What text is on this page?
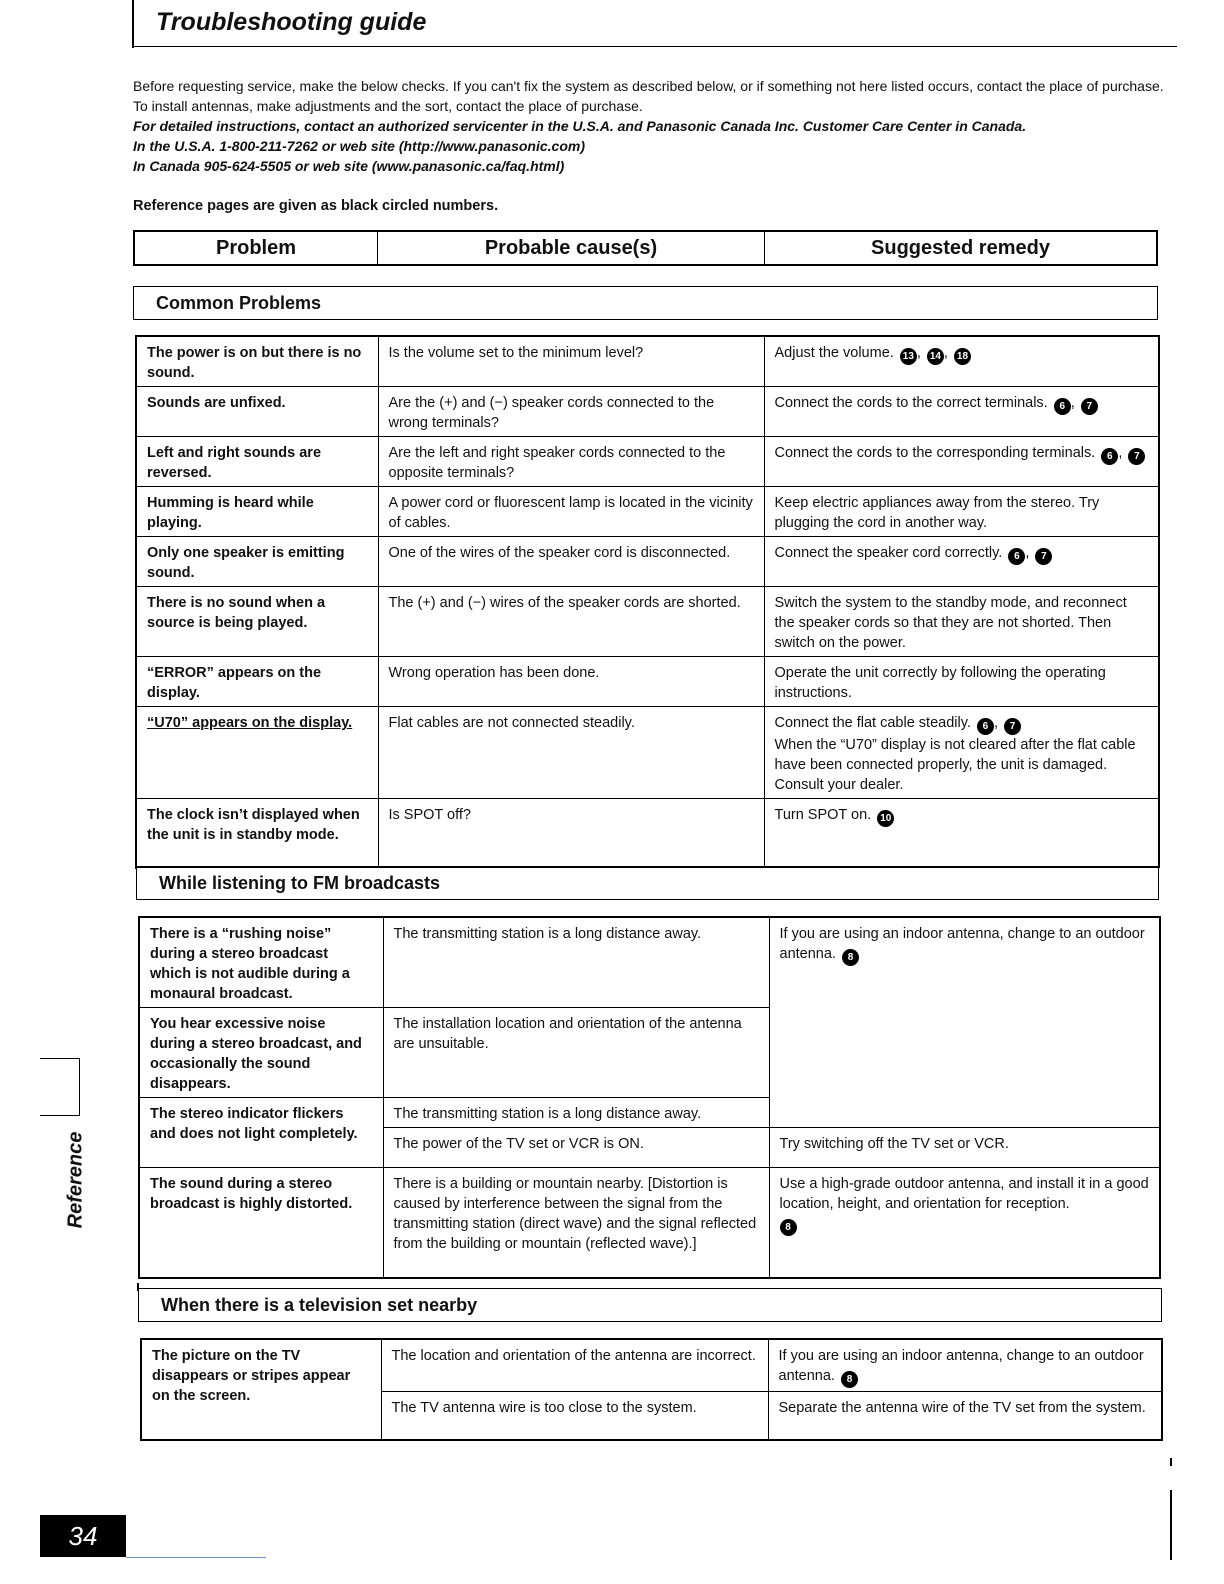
Troubleshooting guide

Before requesting service, make the below checks. If you can't fix the system as described below, or if something not here listed occurs, contact the place of purchase. To install antennas, make adjustments and the sort, contact the place of purchase.

For detailed instructions, contact an authorized servicenter in the U.S.A. and Panasonic Canada Inc. Customer Care Center in Canada.

In the U.S.A. 1-800-211-7262 or web site (http://www.panasonic.com)

In Canada 905-624-5505 or web site (www.panasonic.ca/faq.html)

Reference pages are given as black circled numbers.

Problem	Probable cause(s)	Suggested remedy
Common Problems
The power is on but there is no sound.	Is the volume set to the minimum level?	Adjust the volume. 13 , 14 , 18
Sounds are unfixed.	Are the (+) and (−) speaker cords connected to the wrong terminals?	Connect the cords to the correct terminals. 6 , 7
Left and right sounds are reversed.	Are the left and right speaker cords connected to the opposite terminals?	Connect the cords to the corresponding terminals. 6 , 7
Humming is heard while playing.	A power cord or fluorescent lamp is located in the vicinity of cables.	Keep electric appliances away from the stereo. Try plugging the cord in another way.
Only one speaker is emitting sound.	One of the wires of the speaker cord is disconnected.	Connect the speaker cord correctly. 6 , 7
There is no sound when a source is being played.	The (+) and (−) wires of the speaker cords are shorted.	Switch the system to the standby mode, and reconnect the speaker cords so that they are not shorted. Then switch on the power.
“ERROR” appears on the display.	Wrong operation has been done.	Operate the unit correctly by following the operating instructions.
“U70” appears on the display.	Flat cables are not connected steadily.	Connect the flat cable steadily. 6 , 7
When the “U70” display is not cleared after the flat cable have been connected properly, the unit is damaged. Consult your dealer.
The clock isn’t displayed when the unit is in standby mode.	Is SPOT off?	Turn SPOT on. 10
While listening to FM broadcasts
There is a “rushing noise” during a stereo broadcast which is not audible during a monaural broadcast.	The transmitting station is a long distance away.	If you are using an indoor antenna, change to an outdoor antenna. 8
You hear excessive noise during a stereo broadcast, and occasionally the sound disappears.	The installation location and orientation of the antenna are unsuitable.	
The stereo indicator flickers and does not light completely.	The transmitting station is a long distance away.	
	The power of the TV set or VCR is ON.	Try switching off the TV set or VCR.
The sound during a stereo broadcast is highly distorted.	There is a building or mountain nearby. [Distortion is caused by interference between the signal from the transmitting station (direct wave) and the signal reflected from the building or mountain (reflected wave).]	Use a high-grade outdoor antenna, and install it in a good location, height, and orientation for reception.
8
When there is a television set nearby
The picture on the TV disappears or stripes appear on the screen.	The location and orientation of the antenna are incorrect.	If you are using an indoor antenna, change to an outdoor antenna. 8
	The TV antenna wire is too close to the system.	Separate the antenna wire of the TV set from the system.
Reference
34
